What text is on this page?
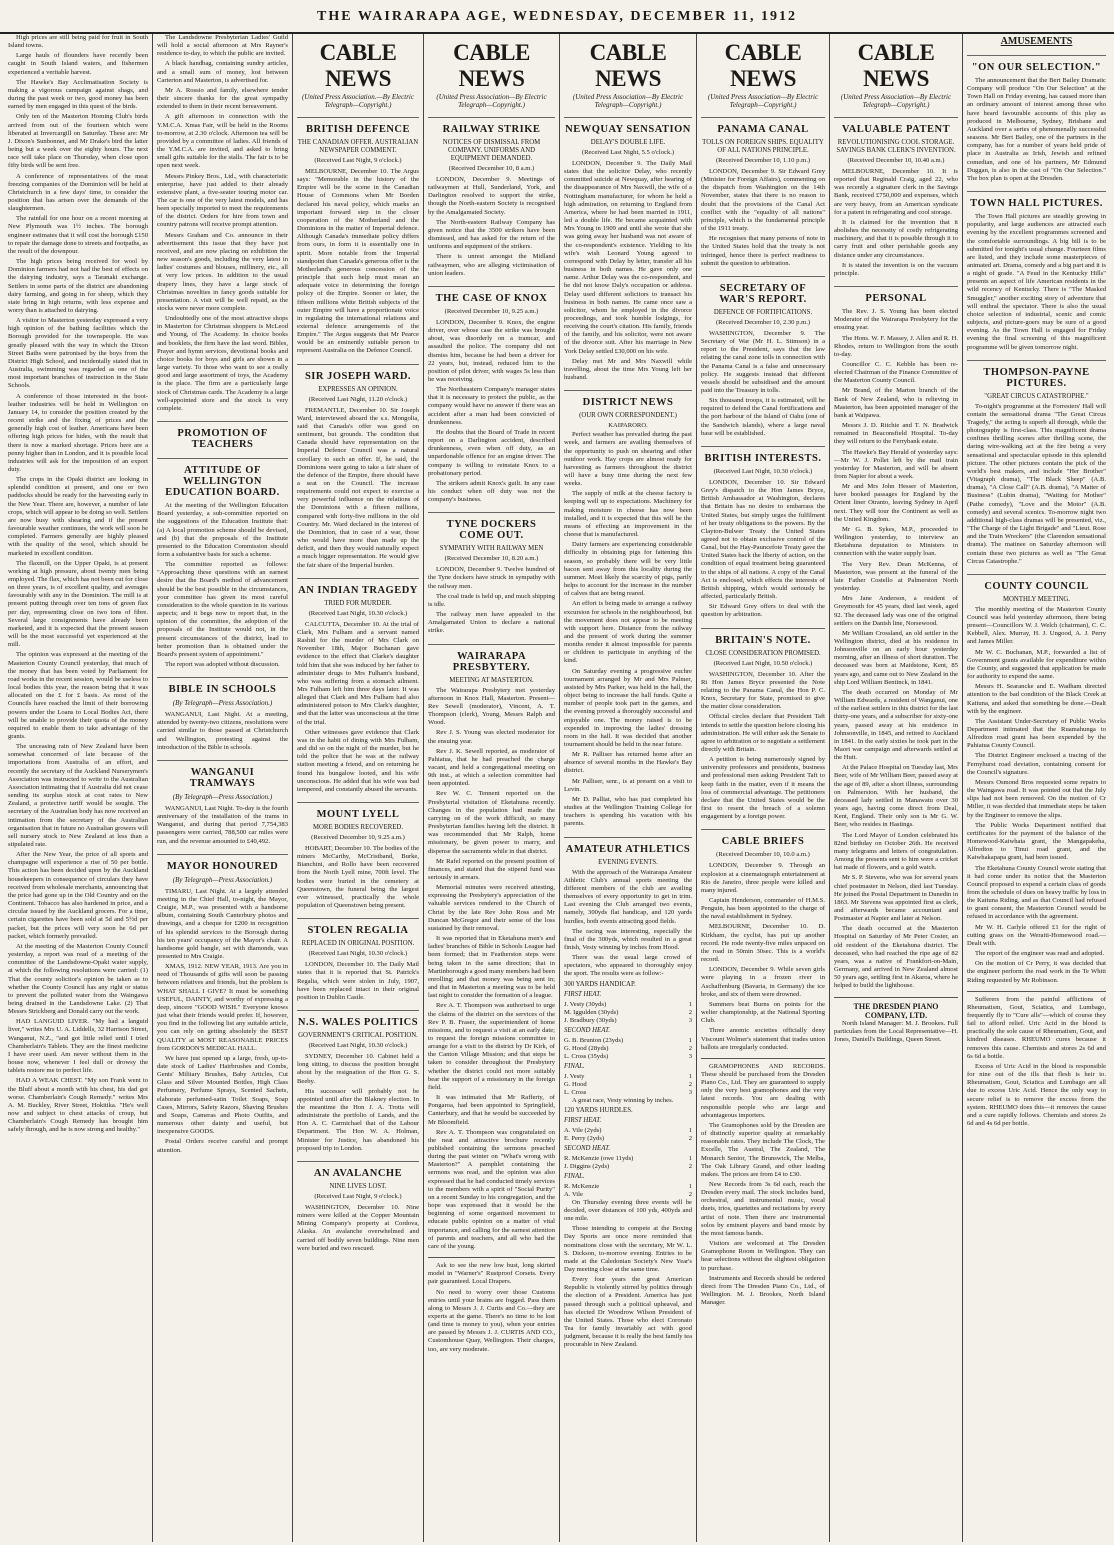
THE WAIRARAPA AGE, WEDNESDAY, DECEMBER 11, 1912

High prices are still being paid for fruit in South Island towns.

Large hauls of flounders have recently been caught in South Island waters, and fishermen experienced a veritable harvest.

The Hawke's Bay Acclimatisation Society is making a vigorous campaign against shags, and during the past week or two, good money has been earned by men engaged in this quest of the birds.

Only ten of the Masterton Homing Club's birds arrived from out of the fourteen which were liberated at Invercargill on Saturday. These are: Mr J. Dixon's Sunbonnet, and Mr Drake's bird the latter being but a week over the eighty hours. The next race will take place on Thursday, when close upon fifty birds will be sent free.

A conference of representatives of the meat freezing companies of the Dominion will be held at Christchurch in a few days' time, to consider the position that has arisen over the demands of the slaughtermen.

The rainfall for one hour on a recent morning at New Plymouth was 1½ inches. The borough engineer estimates that it will cost the borough £150 to repair the damage done to streets and footpaths, as the result of the downpour.

The high prices being received for wool by Dominion farmers had not had the best of effects on the dairying industry, says a Taranaki exchange. Settlers in some parts of the district are abandoning dairy farming, and going in for sheep, which they state bring in high returns, with less expense and worry than is attached to dairying.

A visitor to Masterton yesterday expressed a very high opinion of the bathing facilities which the Borough provided for the townspeople. He was greatly pleased with the way in which the Dixon Street Baths were patronised by the boys from the District High School, and incidentally stated that in Australia, swimming was regarded as one of the most important branches of instruction in the State Schools.

A conference of those interested in the boot-leather industries will be held in Wellington on January 14, to consider the position created by the recent strike and the fixing of prices and the generally high cost of leather. Americans have been offering high prices for hides, with the result that there is now a marked shortage. Prices here are a penny higher than in London, and it is possible local industries will ask for the imposition of an export duty.

The crops in the Opaki district are looking in splendid condition at present, and one or two paddocks should be ready for the harvesting early in the New Year. There are, however, a number of late crops, which will appear to be doing so well. Settlers are now busy with shearing and if the present favourable weather continues, the work will soon be completed. Farmers generally are highly pleased with the quality of the wool, which should be marketed in excellent condition.

The flaxmill, on the Upper Opaki, is at present working at high pressure, about twenty men being employed. The flax, which has not been cut for close on three years, is of excellent quality, and averages favourably with any in the Dominion. The mill is at present putting through over ten tons of green flax per day, representing close on two tons of fibre. Several large consignments have already been marketed, and it is expected that the present season will be the most successful yet experienced at the mill.

The opinion was expressed at the meeting of the Masterton County Council yesterday, that much of the money that has been voted by Parliament for road works in the recent session, would be useless to local bodies this year, the reason being that it was allocated on the £ for £ basis. As most of the Councils have reached the limit of their borrowing powers under the Loans to Local Bodies Act, there will be unable to provide their quota of the money required to enable them to take advantage of the grants.

The unceasing rain of New Zealand have been somewhat concerned of late because of the importations from Australia of an effort, and recently the secretary of the Auckland Nurserymen's Association was instructed to write to the Australian Association intimating that if Australia did not cease sending its surplus stock at cost rates to New Zealand, a protective tariff would be sought. The secretary of the Australian body has now received an intimation from the secretary of the Australian organisation that in future no Australian growers will sell nursery stock to New Zealand at less than a stipulated rate.

After the New Year, the price of all sports and champagne will experience a rise of 50 per bottle. This action has been decided upon by the Auckland housekeepers in consequence of circulars they have received from wholesale merchants, announcing that the price had gone up in the Old Country and on the Continent. Tobacco has also hardened in price, and a circular issued by the Auckland grocers. For a time, certain cigarettes have been sold at 5d and 5½d per packet, but the prices will very soon be 6d per packet, which formerly prevailed.

At the meeting of the Masterton County Council yesterday, a report was read of a meeting of the committee of the Landsdowne-Opaki water supply, at which the following resolutions were carried: (1) That the county solicitor's opinion be taken as to whether the County Council has any right or status to prevent the polluted water from the Waingawa being drained in the Landsdowne Lake. (2) That Messrs Strickberg and Donald carry out the work.

HAD LANGUID LIVER. "My had a languid liver," writes Mrs U. A. Liddells, 32 Harrison Street, Wanganui, N.Z., "and got little relief until I tried Chamberlain's Tablets. They are the finest medicine I have ever used. Am never without them in the house now, whenever I feel dull or drowsy the tablets restore me to perfect life.

HAD A WEAK CHEST. "My son Frank went to the Bluff about a month with his chest, his dad got worse. Chamberlain's Cough Remedy." writes Mrs A. M. Buckley, River Street, Hokitika. "He's well now and subject to chest attacks of croup, but Chamberlain's Cough Remedy has brought him safely through, and he is now strong and healthy."

The Landsdowne Presbyterian Ladies' Guild will hold a social afternoon at Mrs Rayner's residence to-day, to which the public are invited.

A black handbag, containing sundry articles, and a small sum of money, lost between Carterton and Masterton, is advertised for.

Mr A. Rossio and family, elsewhere tender their sincere thanks for the great sympathy extended to them in their recent bereavement.

A gift afternoon in connection with the Y.M.C.A. Xmas Fair, will be held in the Rooms to-morrow, at 2.30 o'clock. Afternoon tea will be provided by a committee of ladies. All friends of the Y.M.C.A. are invited, and asked to bring small gifts suitable for the stalls. The fair is to be open next week.

Messrs Pinkey Bros., Ltd., with characteristic enterprise, have just added to their already extensive plant, a five-seater touring motor car. The car is one of the very latest models, and has been specially imported to meet the requirements of the district. Orders for hire from town and country patrons will receive prompt attention.

Messrs Graham and Co. announce in their advertisement this issue that they have just received, and are now placing on exhibition the new season's goods, including the very latest in ladies' costumes and blouses, millinery, etc., all at very low prices. In addition to the usual drapery lines, they have a large stock of Christmas novelties in fancy goods suitable for presentation. A visit will be well repaid, as the stocks were never more complete.

Undoubtedly one of the most attractive shops in Masterton for Christmas shoppers is McLeod and Young, of The Academy. In choice books and booklets, the firm have the last word. Bibles, Prayer and hymn services, devotional books and choice books for boys and girls are shown in a large variety. To those who want to see a really good and large assortment of toys, the Academy is the place. The firm are a particularly large stock of Christmas cards. The Academy is a large well-appointed store and the stock is very complete.

PROMOTION OF TEACHERS
ATTITUDE OF WELLINGTON EDUCATION BOARD.

At the meeting of the Wellington Education Board yesterday, a sub-committee reported on the suggestions of the Education Institute that: (a) A local promotion scheme should be devised, and (b) that the proposals of the Institute presented to the Education Commission should form a substantive basis for such a scheme.

The committee reported as follows: "Approaching these questions with an earnest desire that the Board's method of advancement should be the best possible in the circumstances, your committee has given its most careful consideration to the whole question in its various aspects; and it begs now to report that, in the opinion of the committee, the adoption of the proposals of the Institute would not, in the present circumstances of the district, lead to better promotion than is obtained under the Board's present system of appointment."

The report was adopted without discussion.

BIBLE IN SCHOOLS
(By Telegraph—Press Association.)

WANGANUI, Last Night. At a meeting, attended by twenty-two citizens, resolutions were carried similar to those passed at Christchurch and Wellington, protesting against the introduction of the Bible in schools.

WANGANUI TRAMWAYS
(By Telegraph—Press Association.)

WANGANUI, Last Night. To-day is the fourth anniversary of the installation of the trams in Wanganui, and during that period 7,754,383 passengers were carried, 788,500 car miles were run, and the revenue amounted to £40,492.

MAYOR HONOURED
(By Telegraph—Press Association.)

TIMARU, Last Night. At a largely attended meeting in the Chief Hall, to-night, the Mayor, Craigie, M.P., was presented with a handsome album, containing South Canterbury photos and drawings, and a cheque for £200 in recognition of his splendid services to the Borough during his ten years' occupancy of the Mayor's chair. A handsome gold bangle, set with diamonds, was presented to Mrs Craigie.

XMAS, 1912. NEW YEAR, 1913. Are you in need of Thousands of gifts will soon be passing between relatives and friends, but the problem is WHAT SHALL I GIVE? It must be something USEFUL, DAINTY, and worthy of expressing a deep, sincere "GOOD WISH." Everyone knows just what their friends would prefer. If, however, you find in the following list any suitable article, you can rely on getting absolutely the BEST QUALITY at MOST REASONABLE PRICES from GORDON'S MEDICAL HALL.

We have just opened up a large, fresh, up-to-date stock of Ladies' Hairbrushes and Combs, Gents' Military Brushes, Baby Articles, Cut Glass and Silver Mounted Bottles, High Class Perfumery, Perfume Sprays, Scented Sachets, elaborate perfumed-satin Toilet Soaps, Soap Cases, Mirrors, Safety Razors, Shaving Brushes and Soaps, Cameras and Photo Outfits, and numerous other dainty and useful, but inexpensive GOODS.

Postal Orders receive careful and prompt attention.

CABLE NEWS
(United Press Association.—By Electric Telegraph—Copyright.)
BRITISH DEFENCE
THE CANADIAN OFFER. AUSTRALIAN NEWSPAPER COMMENT.
(Received Last Night, 9 o'clock.)

MELBOURNE, December 10. The Argus says: "Memorable in the history of the Empire will be the scene in the Canadian House of Commons when Mr Borden declared his naval policy, which marks an important forward step in the closer cooperation of the Motherland and the Dominions in the matter of Imperial defence. Although Canada's immediate policy differs from ours, in form it is essentially one in spirit. More notable from the Imperial standpoint than Canada's generous offer is the Motherland's generous concession of the principle that such help must mean an adequate voice in determining the foreign policy of the Empire. Sooner or later, the fifteen millions white British subjects of the outer Empire will have a proportionate voice in regulating the international relations and external defence arrangements of the Empire." The Argus suggests that Mr Pearce would be an eminently suitable person to represent Australia on the Defence Council.

SIR JOSEPH WARD.
EXPRESSES AN OPINION.
(Received Last Night, 11.20 o'clock.)

FREMANTLE, December 10. Sir Joseph Ward, interviewed aboard the s.s. Mongolia, said that Canada's offer was good on sentiment, but grounds. The condition that Canada should have representation on the Imperial Defence Council was a natural corollary to such an offer. If, he said, the Dominions were going to take a fair share of the defence of the Empire, there should have a seat on the Council. The increase requirements could not expect to exercise a very powerful influence on the relations of the Dominions with a fifteen millions, compared with forty-five millions in the old Country. Mr. Ward declared in the interest of the Dominion, that in case of a war, those who would have more than made up the deficit, and then they would naturally expect a much bigger representation. He would give the fair share of the Imperial burden.

AN INDIAN TRAGEDY
TRIED FOR MURDER.
(Received Last Night, 10.30 o'clock.)

CALCUTTA, December 10. At the trial of Clark, Mrs Fulham and a servant named Rashid for the murder of Mrs Clark on November 18th, Major Buchanan gave evidence to the effect that Clarke's daughter told him that she was induced by her father to administer drugs to Mrs Fulham's husband, who was suffering from a stomach ailment. Mrs Fulham left him three days later. It was alleged that Clark and Mrs Fulham had also administered poison to Mrs Clark's daughter, and that the latter was unconscious at the time of the trial.

Other witnesses gave evidence that Clark was in the habit of dining with Mrs Fulham, and did so on the night of the murder, but he told the police that he was at the railway station meeting a friend, and on returning he found his bungalow looted, and his wife unconscious. He added that his wife was bad tempered, and constantly abused the servants.

MOUNT LYELL
MORE BODIES RECOVERED.
(Received December 10, 9.25 a.m.)

HOBART, December 10. The bodies of the miners McCarthy, McCristband, Burke, Bianchini, and Rollo have been recovered from the North Lyell mine, 700ft level. The bodies were buried in the cemetery at Queenstown, the funeral being the largest ever witnessed, practically the whole population of Queenstown being present.

STOLEN REGALIA
REPLACED IN ORIGINAL POSITION.
(Received Last Night, 10.30 o'clock.)

LONDON, December 10. The Daily Mail states that it is reported that St. Patrick's Regalia, which were stolen in July, 1907, have been replaced intact in their original position in Dublin Castle.

N.S. WALES POLITICS
GOVERNMENT'S CRITICAL POSITION.
(Received Last Night, 10.30 o'clock.)

SYDNEY, December 10. Cabinet held a long sitting, to discuss the position brought about by the resignation of the Hon G. S. Beeby.

His successor will probably not be appointed until after the Blakney election. In the meantime the Hon J. A. Trotts will administrate the portfolio of Lands, and the Hon A. C. Carmichael that of the Labour Department. The Hon W. A. Holman, Minister for Justice, has abandoned his proposed trip to London.

AN AVALANCHE
NINE LIVES LOST.
(Received Last Night, 9 o'clock.)

WASHINGTON, December 10. Nine miners were killed at the Copper Mountain Mining Company's property at Cordova, Alaska. An avalanche overwhelmed and carried off bodily seven buildings. Nine men were buried and two rescued.

CABLE NEWS
(United Press Association—By Electric Telegraph—Copyright.)
RAILWAY STRIKE
NOTICES OF DISMISSAL FROM COMPANY. UNIFORMS AND EQUIPMENT DEMANDED.
(Received December 10, 8 a.m.)

LONDON, December 9. Meetings of railwaymen at Hull, Sunderland, York, and Darlington resolved to support the strike, though the North-eastern Society is recognised by the Amalgamated Society.

The North-eastern Railway Company has given notice that the 3500 strikers have been dismissed, and has asked for the return of the uniforms and equipment of the strikers.

There is unrest amongst the Midland railwaymen, who are alleging victimisation of union leaders.

THE CASE OF KNOX
(Received December 10, 9.25 a.m.)

LONDON, December 9. Knox, the engine driver, over whose case the strike was brought about, was disorderly on a tramcar, and assaulted the police. The company did not dismiss him, because he had been a driver for 22 years, but, instead, reduced him to the position of pilot driver, with wages 5s less than he was receiving.

The Northeastern Company's manager states that it is necessary to protect the public, as the company would have no answer if there was an accident after a man had been convicted of drunkenness.

He doubts that the Board of Trade in recent report on a Darlington accident, described drunkenness, even when off duty, as an unpardonable offence for an engine driver. The company is willing to reinstate Knox to a probationary period.

The strikers admit Knox's guilt. In any case his conduct when off duty was not the company's business.

TYNE DOCKERS COME OUT.
SYMPATHY WITH RAILWAY MEN
(Received December 10, 8.20 a.m.)

LONDON, December 9. Twelve hundred of the Tyne dockers have struck in sympathy with the railway men.

The coal trade is held up, and much shipping is idle.

The railway men have appealed to the Amalgamated Union to declare a national strike.

WAIRARAPA PRESBYTERY.
MEETING AT MASTERTON.

The Wairarapa Presbytery met yesterday afternoon in Knox Hall, Masterton. Present—Rev Sewell (moderator), Vincent, A. T. Thompson (clerk), Young, Messrs Ralph and Wood.

Rev J. S. Young was elected moderator for the ensuing year.

Rev J. K. Sewell reported, as moderator of Pahiatua, that he had preached the charge vacant, and held a congregational meeting on 9th inst., at which a selection committee had been appointed.

Rev W. C. Tennent reported on the Presbyterial visitation of Eketahuna recently. Changes in the population had made the carrying on of the work difficult, so many Presbyterian families having left the district. It was recommended that Mr Ralph, home missionary, be given power to marry, and dispense the sacraments while in that district.

Mr Rafel reported on the present position of finances, and stated that the stipend fund was seriously in arrears.

Memorial minutes were received attesting, expressing the Presbytery's appreciation of the valuable services rendered to the Church of Christ by the late Rev John Ross and Mr Duncan McGregor and their sense of the loss sustained by their removal.

It was reported that in Eketahuna men's and ladies' branches of Bible in Schools League had been formed; that in Featherston steps were being taken in the same direction; that in Martinborough a good many members had been enrolling; and that money was being sent in; and that in Masterton a meeting was to be held last night to consider the formation of a league.

Rev A. T. Thompson was authorised to urge the claims of the district on the services of the Rev P. B. Fraser, the superintendent of home missions, and to request a visit at an early date; to request the foreign missions committee to arrange for a visit to the district by Dr Kirk, of the Canton Village Mission; and that steps be taken to consider throughout the Presbytery whether the district could not more suitably bear the support of a missionary in the foreign field.

It was intimated that Mr Rafferty, of Pongaroa, had been appointed to Springfield, Canterbury, and that he would be succeeded by Mr Bloomfield.

Rev A. T. Thompson was congratulated on the neat and attractive brochure recently published containing the sermons preached during the past winter on "What's wrong with Masterton?" A pamphlet containing the sermons was read, and the opinion was also expressed that he had conducted timely services to the members with a spirit of "Social Purity" on a recent Sunday to his congregation, and the hope was expressed that it would be the beginning of some organised movement to educate public opinion on a matter of vital importance, and calling for the earnest attention of parents and teachers, and all who had the care of the young.

Ask to see the new low bust, long skirted model in "Warner's" Rustproof Corsets. Every pair guaranteed. Local Drapers.

No need to worry over those Customs entries until your brains are fogged. Pass them along to Messrs J. J. Curtis and Co.—they are experts at the game. There's no time to be lost (and time is money to you), when your entries are passed by Messrs J. J. CURTIS AND CO., Customhouse Quay, Wellington. Their charges, too, are very moderate.

CABLE NEWS
(United Press Association—By Electric Telegraph—Copyright.)
NEWQUAY SENSATION
DELAY'S DOUBLE LIFE.
(Received Last Night, 5.5 o'clock.)

LONDON, December 9. The Daily Mail states that the solicitor Delay, who recently committed suicide at Newquay, after hearing of the disappearance of Mrs Naxwill, the wife of a Nottingham manufacturer, for whom he held a high admiration, on returning to England from America, where he had been married in 1911, led a double life. He became acquainted with Mrs Young in 1909 and until she wrote that she was going away her husband was not aware of the co-respondent's existence. Yielding to his wife's wish Leonard Young agreed to correspond with Delay by letter, transfer all his business in both names. He gave only one name. Arthur Delay was the co-respondent, and he did not know Daly's occupation or address. Delay used different solicitors to transact his business in both names. He came once saw a solicitor, whom he employed in the divorce proceedings, and took humble lodgings, for receiving the court's citation. His family, friends of the family, and his solicitor, were not aware of the divorce suit. After his marriage in New York Delay settled £30,000 on his wife.

Delay met Mr and Mrs Naxwill while travelling, about the time Mrs Young left her husband.

DISTRICT NEWS
(OUR OWN CORRESPONDENT.)
KAIPARORO.

Perfect weather has prevailed during the past week, and farmers are availing themselves of the opportunity to push on shearing and other outdoor work. Hay crops are almost ready for harvesting as farmers throughout the district will have a busy time during the next few weeks.

The supply of milk at the cheese factory is keeping well up to expectations. Machinery for making moisture in cheese has now been installed, and it is expected that this will be the means of effecting an improvement in the cheese that is manufactured.

Dairy farmers are experiencing considerable difficulty in obtaining pigs for fattening this season, so probably there will be very little bacon sent away from this locality during the summer. Most likely the scarcity of pigs, partly helps to account for the increase in the number of calves that are being reared.

An effort is being made to arrange a railway excursion for schools in the neighbourhood, but the movement does not appear to be meeting with support here. Distance from the railway and the present of work during the summer months render it almost impossible for parents or children to participate in anything of the kind.

On Saturday evening a progressive euchre tournament arranged by Mr and Mrs Palmer, assisted by Mrs Parker, was held in the hall, the object being to increase the hall funds. Quite a number of people took part in the games, and the evening proved a thoroughly successful and enjoyable one. The money raised is to be expended in improving the ladies' dressing room in the hall. It was decided that another tournament should be held in the near future.

Mr R. Palliser has returned home after an absence of several months in the Hawke's Bay district.

Mr Palliser, senr., is at present on a visit to Levin.

Mr D. Palliat, who has just completed his studies at the Wellington Training College for teachers is spending his vacation with his parents.

AMATEUR ATHLETICS
EVENING EVENTS.

With the approach of the Wairarapa Amateur Athletic Club's annual sports meeting the different members of the club are availing themselves of every opportunity to get in trim. Last evening the Club arranged two events, namely, 300yds flat handicap, and 120 yards hurdles, both events attracting good fields.

The racing was interesting, especially the final of the 300yds, which resulted in a great finish, Vesty winning by inches from Hood.

There was the usual large crowd of spectators, who appeared to thoroughly enjoy the sport. The results were as follow:-

300 YARDS HANDICAP.
FIRST HEAT.
J. Vesty (30yds)	1
M. Iggulden (30yds)	2
J. Bradbury (30yds)	3
SECOND HEAT.
G. B. Brunton (23yds)	1
G. Hood (28yds)	2
L. Cross (35yds)	3
FINAL.
J. Vesty	1
G. Hood	2
L. Cross	3

A great race, Vesty winning by inches.

120 YARDS HURDLES.
FIRST HEAT.
A. Vile (2yds)	1
E. Perry (2yds)	2
SECOND HEAT.
R. McKenzie (owe 11yds)	1
J. Diggins (2yds)	2
FINAL.
R. McKenzie	1
A. Vile	2

On Thursday evening three events will be decided, over distances of 100 yds, 400yds and one mile.

Those intending to compete at the Boxing Day Sports are once more reminded that nominations close with the secretary, Mr W. L. S. Dickson, to-morrow evening. Entries to be made at the Caledonian Society's New Year's Day meeting close at the same time.

Every four years the great American Republic is violently stirred by politics through the election of a President. America has just passed through such a political upheaval, and has elected Dr Woodrow Wilson President of the United States. Those who elect Coronato Tea for family invariably act with good judgment, because it is really the best family tea procurable in New Zealand.

CABLE NEWS
(United Press Association—By Electric Telegraph—Copyright.)
PANAMA CANAL
TOLLS ON FOREIGN SHIPS. EQUALITY OF ALL NATIONS PRINCIPLE.
(Received December 10, 1.10 p.m.)

LONDON, December 9. Sir Edward Grey (Minister for Foreign Affairs), commenting on the dispatch from Washington on the 14th November, states that there is no reason to doubt that the provisions of the Canal Act conflict with the "equality of all nations" principle, which is the fundamental principle of the 1911 treaty.

He recognises that many persons of note in the United States hold that the treaty is not infringed, hence there is perfect readiness to submit the question to arbitration.

SECRETARY OF WAR'S REPORT.
DEFENCE OF FORTIFICATIONS.
(Received December 10, 2.30 p.m.)

WASHINGTON, December 9. The Secretary of War (Mr H. L. Stimson) in a report to the President, says that the law relating the canal zone tolls in connection with the Panama Canal is a false and unnecessary policy. He suggests instead that different vessels should be subsidised and the amount paid into the Treasury in tolls.

Six thousand troops, it is estimated, will be required to defend the Canal fortifications and the port harbour of the Island of Oahu (one of the Sandwich islands), where a large naval base will be established.

BRITISH INTERESTS.
(Received Last Night, 10.30 o'clock.)

LONDON, December 10. Sir Edward Grey's dispatch to the Hon James Bryce, British Ambassador at Washington, declares that Britain has no desire to embarrass the United States, but simply urges the fulfilment of her treaty obligations to the powers. By the Clayton-Bulwer Treaty the United States agreed not to obtain exclusive control of the Canal, but the Hay-Pauncefote Treaty gave the United States back the liberty of action, on the condition of equal treatment being guaranteed to the ships of all nations. A copy of the Canal Act is enclosed, which effects the interests of British shipping, which would seriously be affected, particularly British.

Sir Edward Grey offers to deal with the question by arbitration.

BRITAIN'S NOTE.
CLOSE CONSIDERATION PROMISED.
(Received Last Night, 10.50 o'clock.)

WASHINGTON, December 10. After the Rt Hon James Bryce presented the Note relating to the Panama Canal, the Hon P. C. Knox, Secretary for State, promised to give the matter close consideration.

Official circles declare that President Taft intends to settle the question before closing his administration. He will either ask the Senate to agree to arbitration or to negotiate a settlement directly with Britain.

A petition is being numerously signed by university professors and presidents, business and professional men asking President Taft to keep faith in the matter, even if it means the loss of commercial advantage. The petitioners declare that the United States would be the first to resent the breach of a solemn engagement by a foreign power.

CABLE BRIEFS
(Received December 10, 10.0 a.m.)

LONDON, December 9. Through an explosion at a cinematograph entertainment at Rio de Janeiro, three people were killed and many injured.

Captain Henderson, commander of H.M.S. Penguin, has been appointed to the charge of the naval establishment in Sydney.

MELBOURNE, December 10. D. Kirkham, the cyclist, has put up another record. He rode twenty-five miles unpaced on the road in 50min 30sec. This is a world's record.

LONDON, December 9. While seven girls were playing in a frozen river in Aschaffenburg (Bavaria, in Germany) the ice broke, and six of them were drowned.

Summers beat Burns on points for the welter championship, at the National Sporting Club.

Three anomic societies officially deny Viscount Wolmer's statement that trades union ballots are irregularly conducted.

GRAMOPHONES AND RECORDS. These should be purchased from the Dresden Piano Co., Ltd. They are guaranteed to supply only the very best gramophones and the very latest records. You are dealing with responsible people who are large and advantageous importers.

The Gramophones sold by the Dresden are of distinctly superior quality at remarkably reasonable rates. They include The Clock, The Excelle, The Austral, The Zealand, The Monarch Senior, The Brunswick, The Melba, The Oak Library Grand, and other leading makes. The prices are from £4 to £30.

New Records from 3s 6d each, reach the Dresden every mail. The stock includes band, orchestral, and instrumental music, vocal duets, trios, quartettes and recitations by every artist of note. Then there are instrumental solos by eminent players and band music by the most famous bands.

Visitors are welcomed at The Dresden Gramophone Room in Wellington. They can hear selections without the slightest obligation to purchase.

Instruments and Records should be ordered direct from The Dresden Piano Co., Ltd., of Wellington. M. J. Brookes, North Island Manager.

CABLE NEWS
(United Press Association—By Electric Telegraph—Copyright.)
VALUABLE PATENT
REVOLUTIONISING COOL STORAGE. SAVINGS BANK CLERK'S INVENTION.
(Received December 10, 10.40 a.m.)

MELBOURNE, December 10. It is reported that Reginald Craig, aged 22, who was recently a signature clerk in the Savings Bank, received £750,000 and expenses, which are very heavy, from an American syndicate for a patent in refrigerating and cool storage.

It is claimed for the invention that it abolishes the necessity of costly refrigerating machinery, and that it is possible through it to carry fruit and other perishable goods any distance under any circumstances.

It is stated the invention is on the vacuum principle.

PERSONAL

The Rev. J. S. Young has been elected Moderator of the Wairarapa Presbytery for the ensuing year.

The Hons. W. F. Massey, J. Allen and R. H. Rhodes, return to Wellington from the south to-day.

Councillor C. C. Kebble has been re-elected Chairman of the Finance Committee of the Masterton County Council.

Mr Brand, of the Marton branch of the Bank of New Zealand, who is relieving in Masterton, has been appointed manager of the bank at Waipawa.

Messrs J. D. Ritchie and T. N. Bradwick remained in Beaconsfield Hospital. To-day they will return to the Ferrybank estate.

The Hawke's Bay Herald of yesterday says:—Mr W. J. Pollet left by the mail train yesterday for Masterton, and will be absent from Napier for about a week.

Mr and Mrs John Hesser of Masterton, have booked passages for England by the Orient liner Otranto, leaving Sydney in April next. They will tour the Continent as well as the United Kingdom.

Mr G. B. Sykes, M.P., proceeded to Wellington yesterday, to interview an Eketahuna deputation to Ministers in connection with the water supply loan.

The Very Rev. Dean McKenna, of Masterton, was present at the funeral of the late Father Costello at Palmerston North yesterday.

Mrs Jane Anderson, a resident of Greymouth for 45 years, died last week, aged 92. The deceased lady was one of the original settlers on the Danish line, Norsewood.

Mr William Crossland, an old settler in the Wellington district, died at his residence in Johnsonville on an early hour yesterday morning, after an illness of short duration. The deceased was born at Maidstone, Kent, 85 years ago, and came out to New Zealand in the ship Lord William Bentinck, in 1841.

The death occurred on Monday of Mr William Edwards, a resident of Wanganui, one of the earliest settlers in this district for the last thirty-one years, and a subscriber for sixty-one years, passed away at his residence in Johnsonville, in 1845, and retired to Auckland in 1841. In the early sixties he took part in the Maori war campaign and afterwards settled at the Hutt.

At the Palace Hospital on Tuesday last, Mrs Beer, wife of Mr William Beer, passed away at the age of 89, after a short illness, surrounding on Palmerston. With her husband, the deceased lady settled in Manawatu over 30 years ago, having come direct from Deal, Kent, England. Their only son is Mr G. W. Beer, who resides in Hastings.

The Lord Mayor of London celebrated his 82nd birthday on October 26th. He received many telegrams and letters of congratulation. Among the presents sent to him were a cricket bat made of flowers, and a gold watch.

Mr S. P. Stevens, who was for several years chief postmaster in Nelson, died last Tuesday. He joined the Postal Department in Dunedin in 1863. Mr Stevens was appointed first as clerk, and afterwards became accountant and Postmaster at Napier and later at Nelson.

The death occurred at the Masterton Hospital on Saturday of Mr Peter Coster, an old resident of the Eketahuna district. The deceased, who had reached the ripe age of 82 years, was a native of Frankfort-on-Main, Germany, and arrived in New Zealand almost 50 years ago, settling first in Akaroa, where he helped to build the lighthouse.

THE DRESDEN PIANO COMPANY, LTD.

North Island Manager: M. J. Brookes. Full particulars from the Local Representative—H. Jones, Daniell's Buildings, Queen Street.

AMUSEMENTS
"ON OUR SELECTION."

The announcement that the Bert Bailey Dramatic Company will produce "On Our Selection" at the Town Hall on Friday evening, has caused more than an ordinary amount of interest among those who have heard favourable accounts of this play as produced in Melbourne, Sydney, Brisbane and Auckland over a series of phenomenally successful seasons. Mr Bert Bailey, one of the partners in the company, has for a number of years held pride of place in Australia as Irish, Jewish and refined comedian, and one of his partners, Mr Edmund Duggan, is also in the cast of "On Our Selection." The box plan is open at the Dresden.

TOWN HALL PICTURES.

The Town Hall pictures are steadily growing in popularity, and large audiences are attracted each evening by the excellent programmes screened and the comfortable surroundings. A big bill is to be submitted for tonight's usual change. Fourteen films are listed, and they include some masterpieces of animated art. Drama, comedy and a big part and it is a night of grade. "A Feud in the Kentucky Hills" presents an aspect of life American residents in the wild recency of Kentucky. There is "The Masked Smuggler," another exciting story of adventure that will enthral the spectator. There is also the usual choice selection of industrial, scenic and comic subjects, and picture-goers may be sure of a good evening. As the Town Hall is engaged for Friday evening the final screening of this magnificent programme will be given tomorrow night.

THOMPSON-PAYNE PICTURES.
"GREAT CIRCUS CATASTROPHE."

To-night's programme at the Forresters' Hall will contain the sensational drama "The Great Circus Tragedy," the acting is superb all through, while the photography is first-class. This magnificent drama confines thrilling scenes after thrilling scene, the daring wire-walking act at the fire being a very sensational and spectacular episode in this splendid picture. The other pictures contain the pick of the world's best makers, and include "Her Brother" (Vitagraph drama), "The Black Sheep" (A.B. drama), "A Close Call" (A.B. drama), "A Matter of Business" (Lubin drama), "Waiting for Mother" (Pathe comedy), "Love and the Motor" (A.B. comedy) and several scenics. To-morrow night two additional high-class dramas will be presented, viz., "The Charge of the Light Brigade" and "Lieut. Rose and the Train Wreckers" (the Clarendon sensational drama). The matinee on Saturday afternoon will contain these two pictures as well as "The Great Circus Catastrophe."

COUNTY COUNCIL
MONTHLY MEETING.

The monthly meeting of the Masterton County Council was held yesterday afternoon, there being present—Councillors W. J. Welch (chairman), C. C. Kebbell, Alex. Murray, H. J. Ungood, A. J. Perry and James Miller.

Mr W. C. Buchanan, M.P., forwarded a list of Government grants available for expenditure within the County, and suggested that application be made for authority to expend the same.

Messrs H. Searancke and E. Wadham directed attention to the bad condition of the Black Creek at Kaituna, and asked that something be done.—Dealt with by the engineer.

The Assistant Under-Secretary of Public Works Department intimated that the Ruamahunga to Alfredton road grant has been expended by the Pahiatua County Council.

The District Engineer enclosed a tracing of the Fernyhurst road deviation, containing consent for the Council's signature.

Messrs Osmond Bros requested some repairs to the Waingawa road. It was pointed out that the July slips had not been removed. On the motion of Cr Miller, it was decided that immediate steps be taken by the Engineer to remove the slips.

The Public Works Department notified that certificates for the payment of the balance of the Homewood-Kaiwhata grant, the Mangapakeha, Alfredton to Tinui road grant, and the Kaiwhakapapa grant, had been issued.

The Eketahuna County Council wrote stating that it had come under its notice that the Masterton Council proposed to expend a certain class of goods from the schedule of dues on heavy traffic by loss in the Kaituna Riding, and as that Council had refused to grant consent, the Masterton Council would be refused in accordance with the agreement.

Mr W. H. Carlyle offered £1 for the right of cutting grass on the Weraiti-Homewood road.—Dealt with.

The report of the engineer was read and adopted.

On the motion of Cr Perry, it was decided that the engineer perform the road work in the Te Whiti Riding requested by Mr Robinson.

Sufferers from the painful afflictions of Rheumatism, Gout, Sciatica, and Lumbago, frequently fly to "Cure alls"—which of course they fail to afford relief. Uric Acid in the blood is practically the sole cause of Rheumatism, Gout, and kindred diseases. RHEUMO cures because it removes this cause. Chemists and stores 2s 6d and 6s 6d a bottle.

Excess of Uric Acid in the blood is responsible for nine out of the ills that flesh is heir to. Rheumatism, Gout, Sciatica and Lumbago are all due to excess Uric Acid. Hence the only way to secure relief is to remove the excess from the system. RHEUMO does this—it removes the cause and a cure rapidly follows. Chemists and stores 2s 6d and 4s 6d per bottle.
